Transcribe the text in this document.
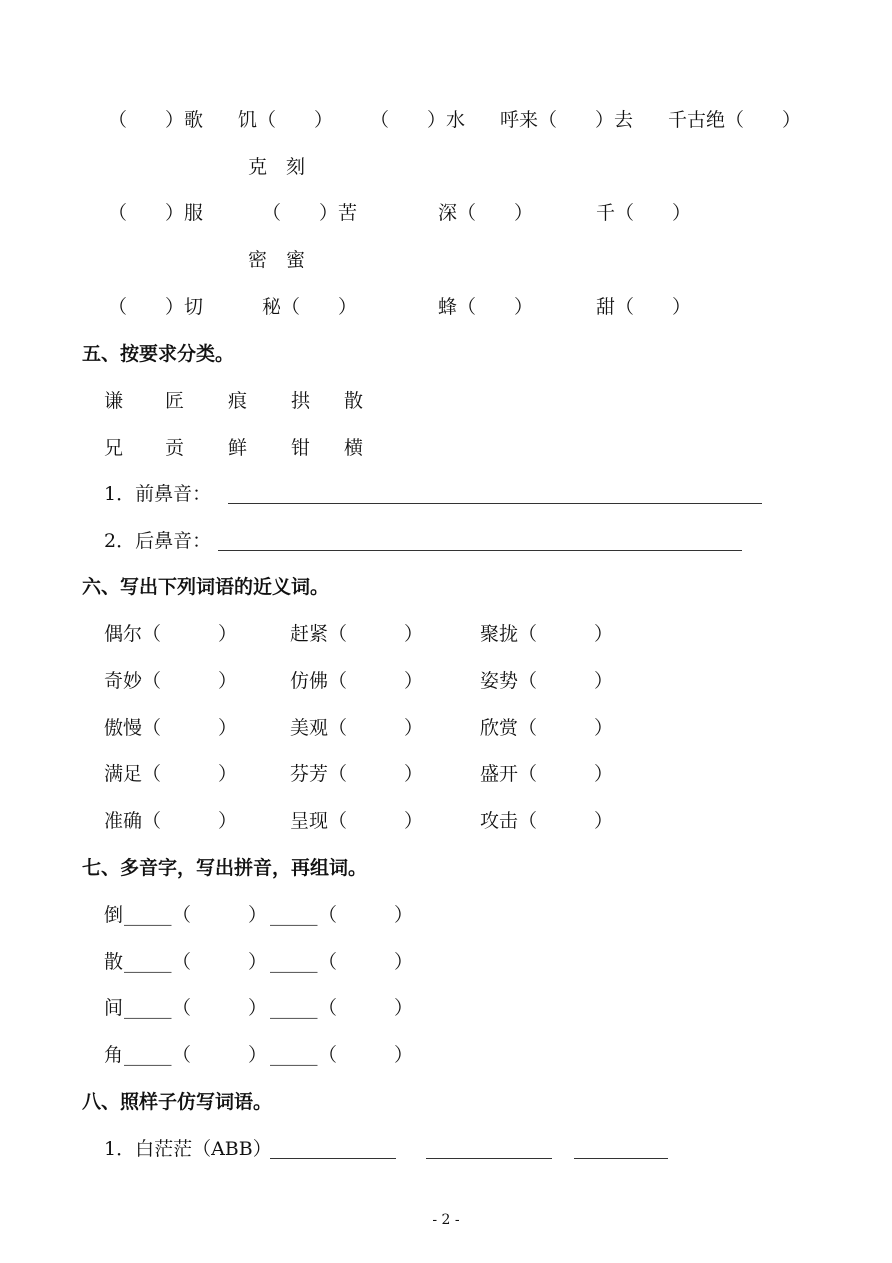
（　　）歌 饥（　　） （　　）水 呼来（　　）去 千古绝（　　）
克　刻
（　　）服	（　　）苦	深（　　）	千（　　）
密　蜜
（　　）切	秘（　　）	蜂（　　）	甜（　　）
五、按要求分类。
谦 匠 痕 拱 散
兄 贡 鲜 钳 横
1．前鼻音：
2．后鼻音：
六、写出下列词语的近义词。
偶尔（　　　）	赶紧（　　　）	聚拢（　　　）
奇妙（　　　）	仿佛（　　　）	姿势（　　　）
傲慢（　　　）	美观（　　　）	欣赏（　　　）
满足（　　　）	芬芳（　　　）	盛开（　　　）
准确（　　　）	呈现（　　　）	攻击（　　　）
七、多音字，写出拼音，再组词。
倒 _____ （　　　） _____ （　　　）
散 _____ （　　　） _____ （　　　）
间 _____ （　　　） _____ （　　　）
角 _____ （　　　） _____ （　　　）
八、照样子仿写词语。
1．白茫茫（ABB）
- 2 -
